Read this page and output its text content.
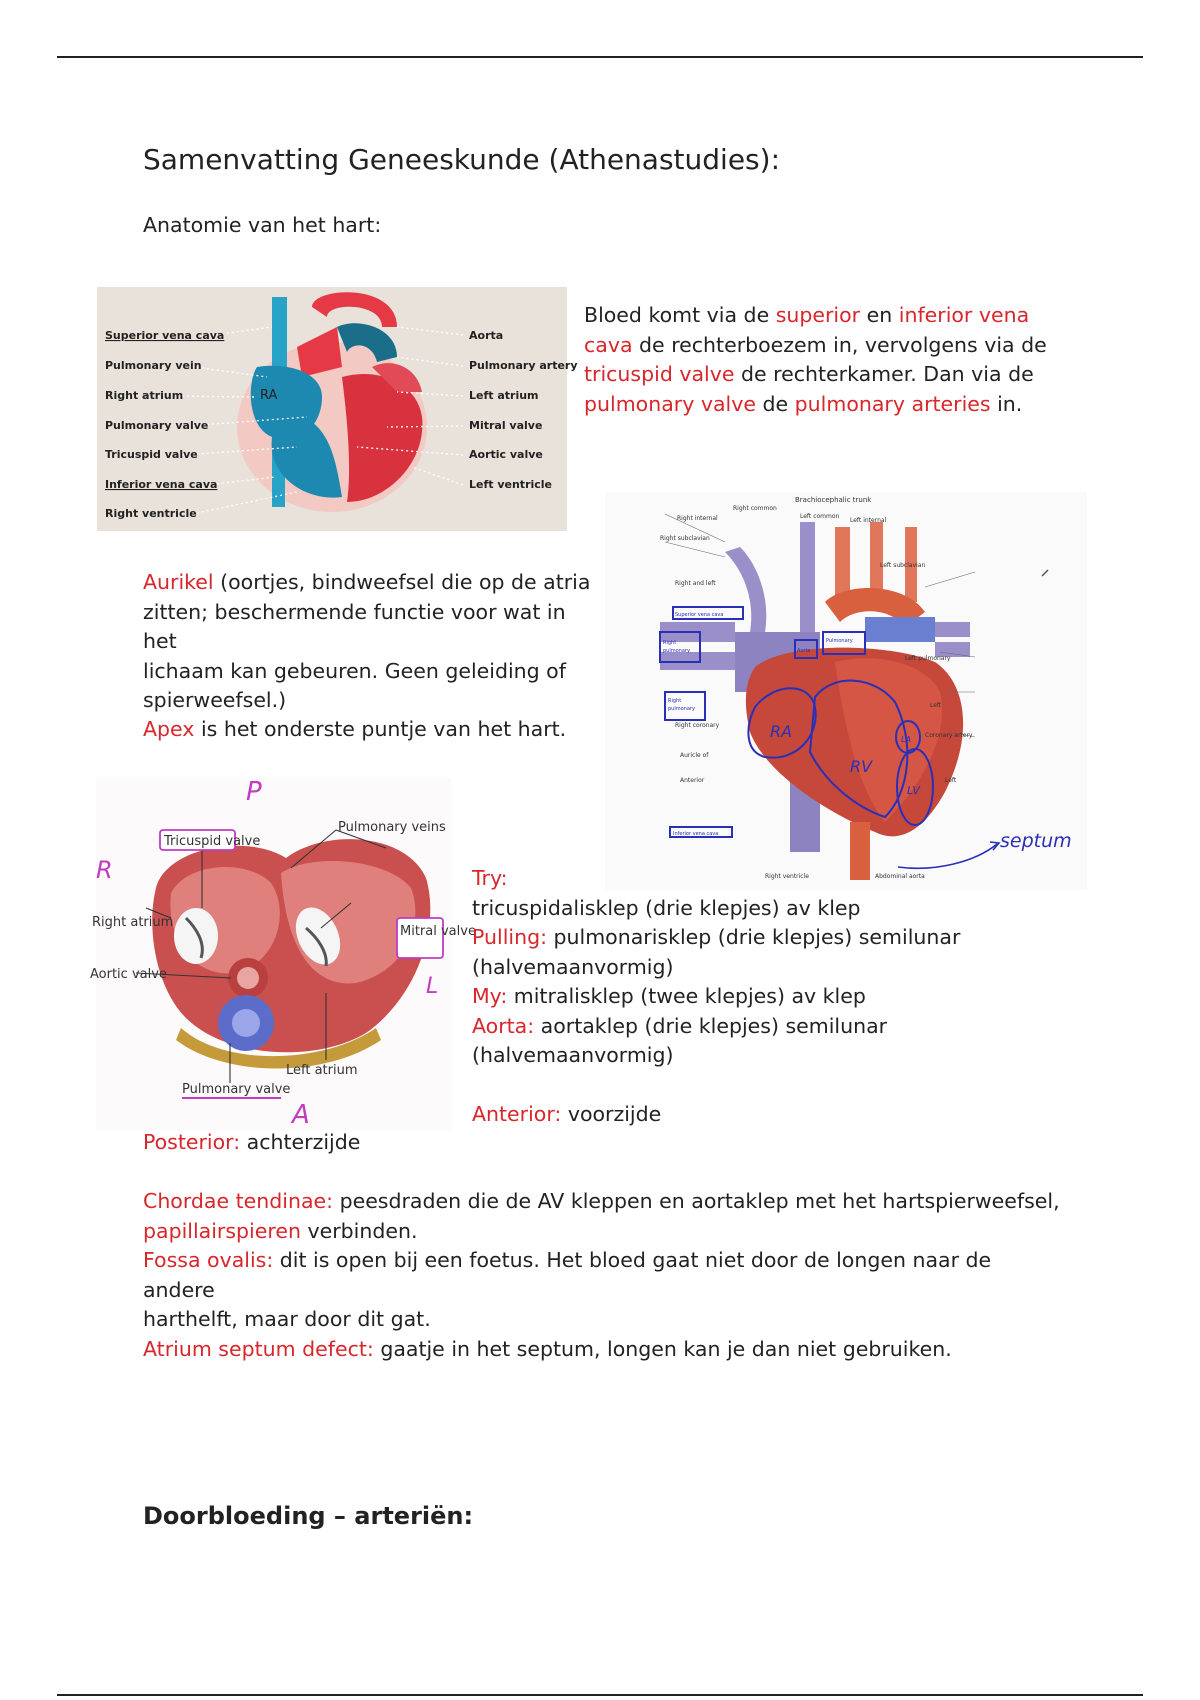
Samenvatting Geneeskunde (Athenastudies):
Anatomie van het hart:
RA
Superior vena cava
Pulmonary vein
Right atrium
Pulmonary valve
Tricuspid valve
Inferior vena cava
Right ventricle
Aorta
Pulmonary artery
Left atrium
Mitral valve
Aortic valve
Left ventricle
Bloed komt via de superior en inferior vena
cava de rechterboezem in, vervolgens via de
tricuspid valve de rechterkamer. Dan via de
pulmonary valve de pulmonary arteries in.
Brachiocephalic trunk
Right internal
Right common
Left common
Left internal
Right subclavian
Left subclavian
Right and left
Left pulmonary
Left
Coronary artery
Right coronary
Auricle of
Anterior
Right ventricle	Abdominal aorta
Left
Superior vena cava
Right
pulmonary
Right
pulmonary
Aorta
Pulmonary
Inferior vena cava
RA
RV
LA
LV
septum
Aurikel (oortjes, bindweefsel die op de atria
zitten; beschermende functie voor wat in het
lichaam kan gebeuren. Geen geleiding of
spierweefsel.)
Apex is het onderste puntje van het hart.
Tricuspid valve
Pulmonary veins
Right atrium
Mitral valve
Aortic valve
Left atrium
Pulmonary valve
P
R
L
A
Try:
tricuspidalisklep (drie klepjes) av klep
Pulling: pulmonarisklep (drie klepjes) semilunar
(halvemaanvormig)
My: mitralisklep (twee klepjes) av klep
Aorta: aortaklep (drie klepjes) semilunar
(halvemaanvormig)
Anterior: voorzijde
Posterior: achterzijde
Chordae tendinae: peesdraden die de AV kleppen en aortaklep met het hartspierweefsel,
papillairspieren verbinden.
Fossa ovalis: dit is open bij een foetus. Het bloed gaat niet door de longen naar de andere
harthelft, maar door dit gat.
Atrium septum defect: gaatje in het septum, longen kan je dan niet gebruiken.
Doorbloeding – arteriën:
